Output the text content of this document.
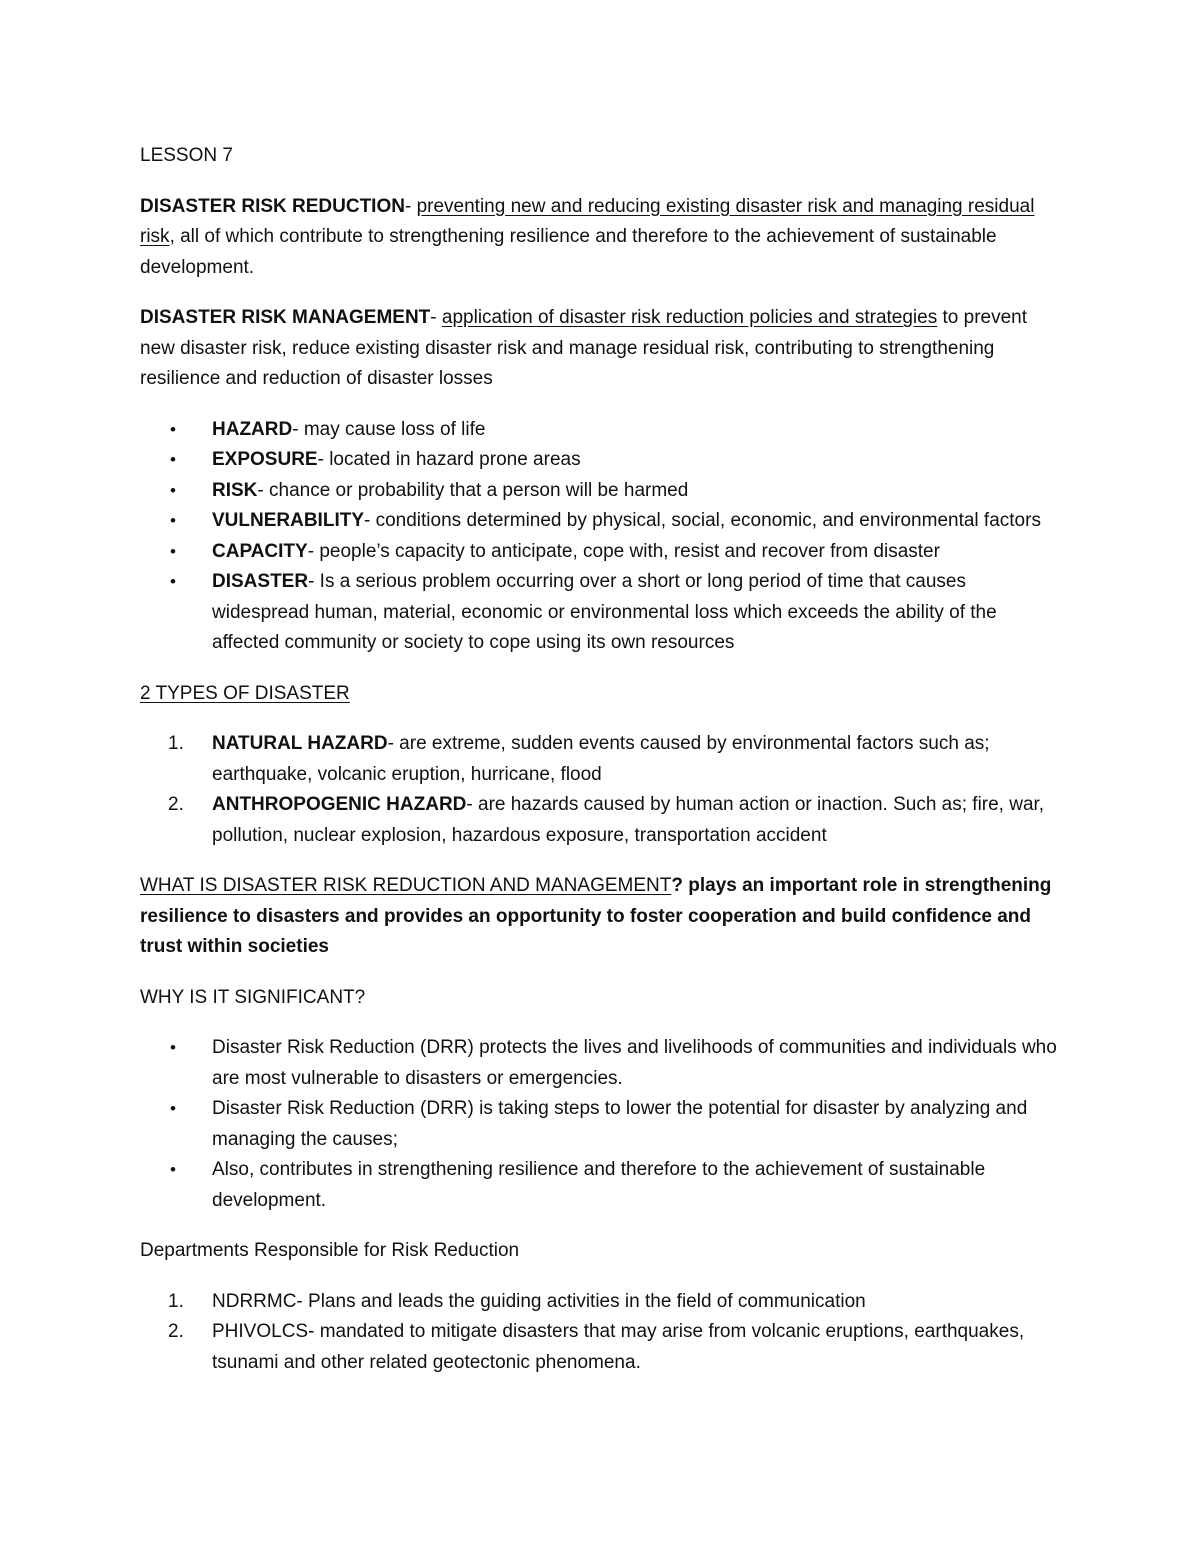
LESSON 7

DISASTER RISK REDUCTION- preventing new and reducing existing disaster risk and managing residual risk, all of which contribute to strengthening resilience and therefore to the achievement of sustainable development.

DISASTER RISK MANAGEMENT- application of disaster risk reduction policies and strategies to prevent new disaster risk, reduce existing disaster risk and manage residual risk, contributing to strengthening resilience and reduction of disaster losses

• HAZARD- may cause loss of life
• EXPOSURE- located in hazard prone areas
• RISK- chance or probability that a person will be harmed
• VULNERABILITY- conditions determined by physical, social, economic, and environmental factors
• CAPACITY- people’s capacity to anticipate, cope with, resist and recover from disaster
• DISASTER- Is a serious problem occurring over a short or long period of time that causes widespread human, material, economic or environmental loss which exceeds the ability of the affected community or society to cope using its own resources

2 TYPES OF DISASTER

1. NATURAL HAZARD- are extreme, sudden events caused by environmental factors such as; earthquake, volcanic eruption, hurricane, flood
2. ANTHROPOGENIC HAZARD- are hazards caused by human action or inaction. Such as; fire, war, pollution, nuclear explosion, hazardous exposure, transportation accident

WHAT IS DISASTER RISK REDUCTION AND MANAGEMENT? plays an important role in strengthening resilience to disasters and provides an opportunity to foster cooperation and build confidence and trust within societies

WHY IS IT SIGNIFICANT?

• Disaster Risk Reduction (DRR) protects the lives and livelihoods of communities and individuals who are most vulnerable to disasters or emergencies.
• Disaster Risk Reduction (DRR) is taking steps to lower the potential for disaster by analyzing and managing the causes;
• Also, contributes in strengthening resilience and therefore to the achievement of sustainable development.

Departments Responsible for Risk Reduction

1. NDRRMC- Plans and leads the guiding activities in the field of communication
2. PHIVOLCS- mandated to mitigate disasters that may arise from volcanic eruptions, earthquakes, tsunami and other related geotectonic phenomena.
